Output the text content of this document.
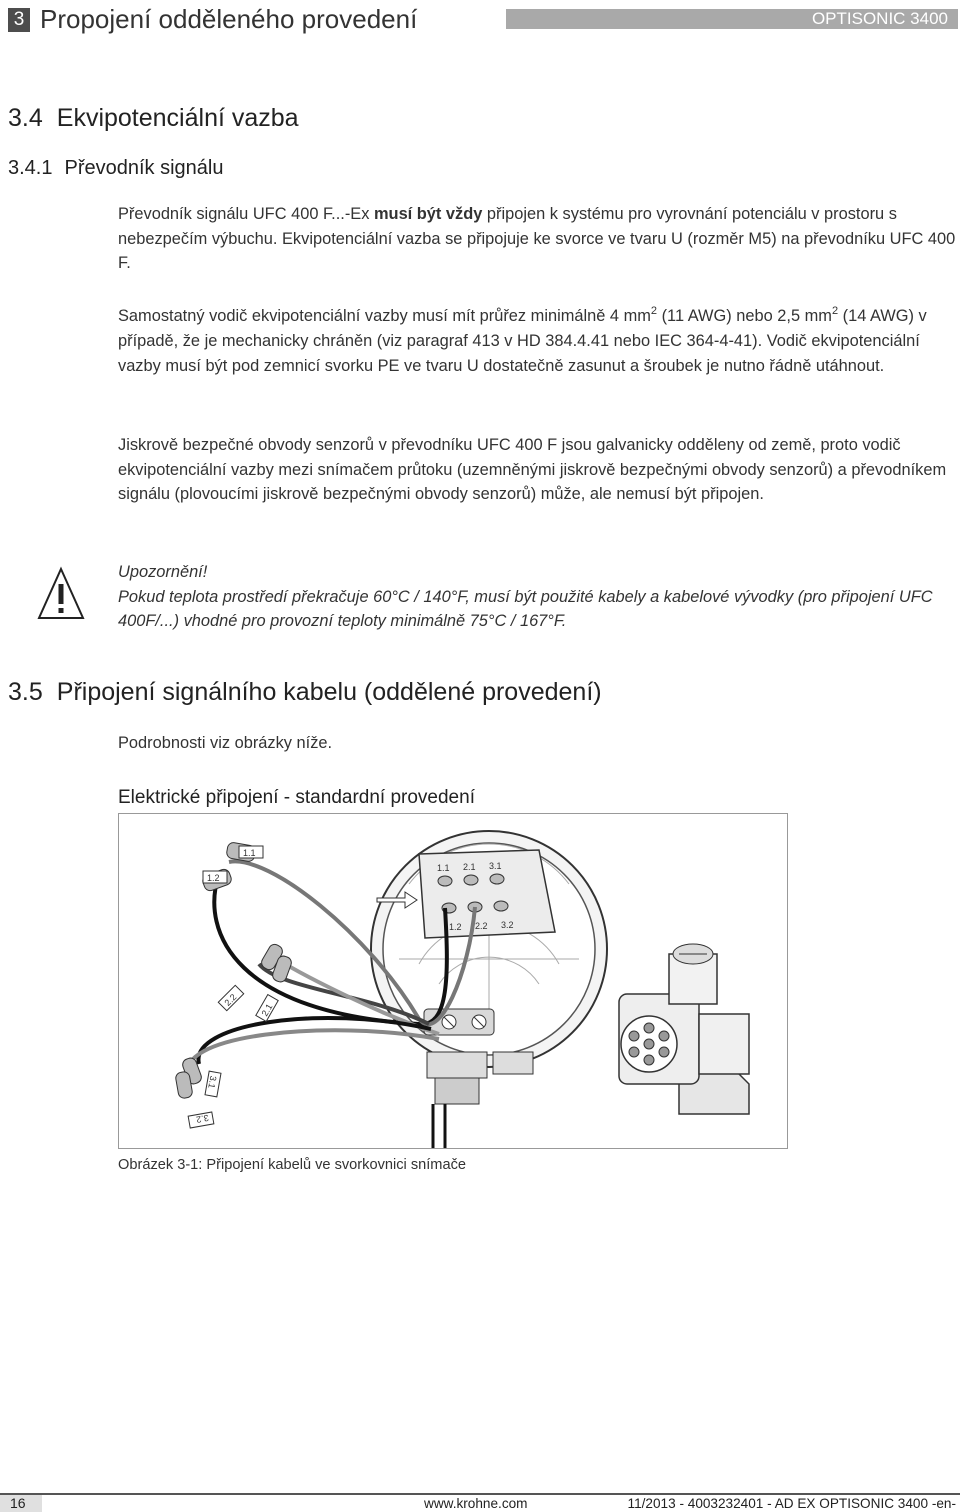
3 Propojení odděleného provedení	OPTISONIC 3400
3.4 Ekvipotenciální vazba
3.4.1 Převodník signálu

Převodník signálu UFC 400 F...-Ex musí být vždy připojen k systému pro vyrovnání potenciálu v prostoru s nebezpečím výbuchu. Ekvipotenciální vazba se připojuje ke svorce ve tvaru U (rozměr M5) na převodníku UFC 400 F.

Samostatný vodič ekvipotenciální vazby musí mít průřez minimálně 4 $mm^2$ (11 AWG) nebo 2,5 $mm^2$ (14 AWG) v případě, že je mechanicky chráněn (viz paragraf 413 v HD 384.4.41 nebo IEC 364-4-41). Vodič ekvipotenciální vazby musí být pod zemnicí svorku PE ve tvaru U dostatečně zasunut a šroubek je nutno řádně utáhnout.

Jiskrově bezpečné obvody senzorů v převodníku UFC 400 F jsou galvanicky odděleny od země, proto vodič ekvipotenciální vazby mezi snímačem průtoku (uzemněnými jiskrově bezpečnými obvody senzorů) a převodníkem signálu (plovoucími jiskrově bezpečnými obvody senzorů) může, ale nemusí být připojen.

Upozornění!
Pokud teplota prostředí překračuje 60°C / 140°F, musí být použité kabely a kabelové vývodky (pro připojení UFC 400F/...) vhodné pro provozní teploty minimálně 75°C / 167°F.
3.5 Připojení signálního kabelu (oddělené provedení)

Podrobnosti viz obrázky níže.

Elektrické připojení - standardní provedení
1.1 2.1 3.1
1.2 2.2 3.2
1.1
1.2
2.2
2.1
3.1
3.2
Obrázek 3-1: Připojení kabelů ve svorkovnici snímače
16	www.krohne.com	11/2013 - 4003232401 - AD EX OPTISONIC 3400 -en-
